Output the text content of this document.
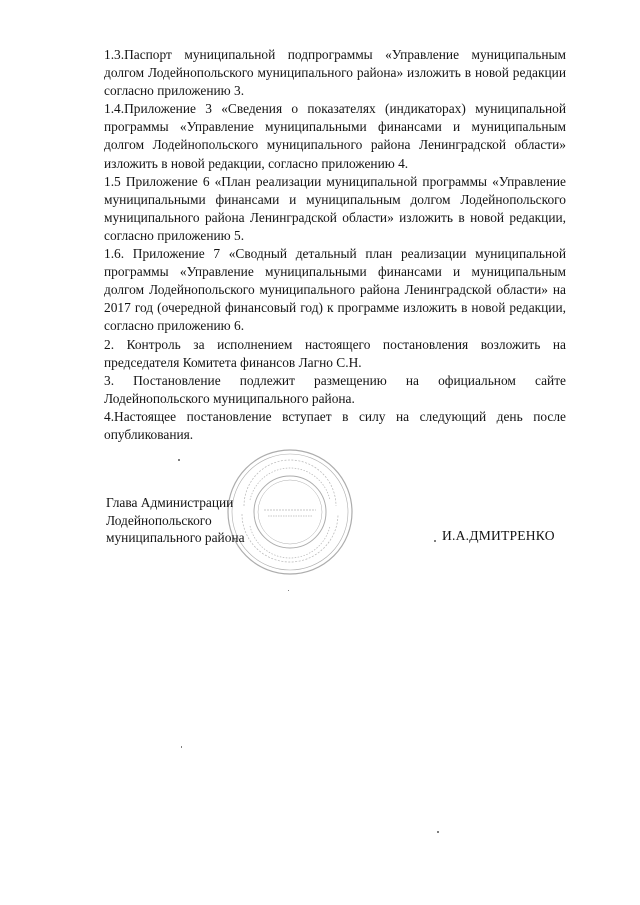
1.3.Паспорт муниципальной подпрограммы «Управление муниципальным долгом Лодейнопольского муниципального района» изложить в новой редакции согласно приложению 3.

1.4.Приложение 3 «Сведения о показателях (индикаторах) муниципальной программы «Управление муниципальными финансами и муниципальным долгом Лодейнопольского муниципального района Ленинградской области» изложить в новой редакции, согласно приложению 4.

1.5 Приложение 6 «План реализации муниципальной программы «Управление муниципальными финансами и муниципальным долгом Лодейнопольского муниципального района Ленинградской области» изложить в новой редакции, согласно приложению 5.

1.6. Приложение 7 «Сводный детальный план реализации муниципальной программы «Управление муниципальными финансами и муниципальным долгом Лодейнопольского муниципального района Ленинградской области» на 2017 год (очередной финансовый год) к программе изложить в новой редакции, согласно приложению 6.

2. Контроль за исполнением настоящего постановления возложить на председателя Комитета финансов Лагно С.Н.

3. Постановление подлежит размещению на официальном сайте Лодейнопольского муниципального района.

4.Настоящее постановление вступает в силу на следующий день после опубликования.

Глава Администрации
Лодейнопольского
муниципального района	И.А.ДМИТРЕНКО
